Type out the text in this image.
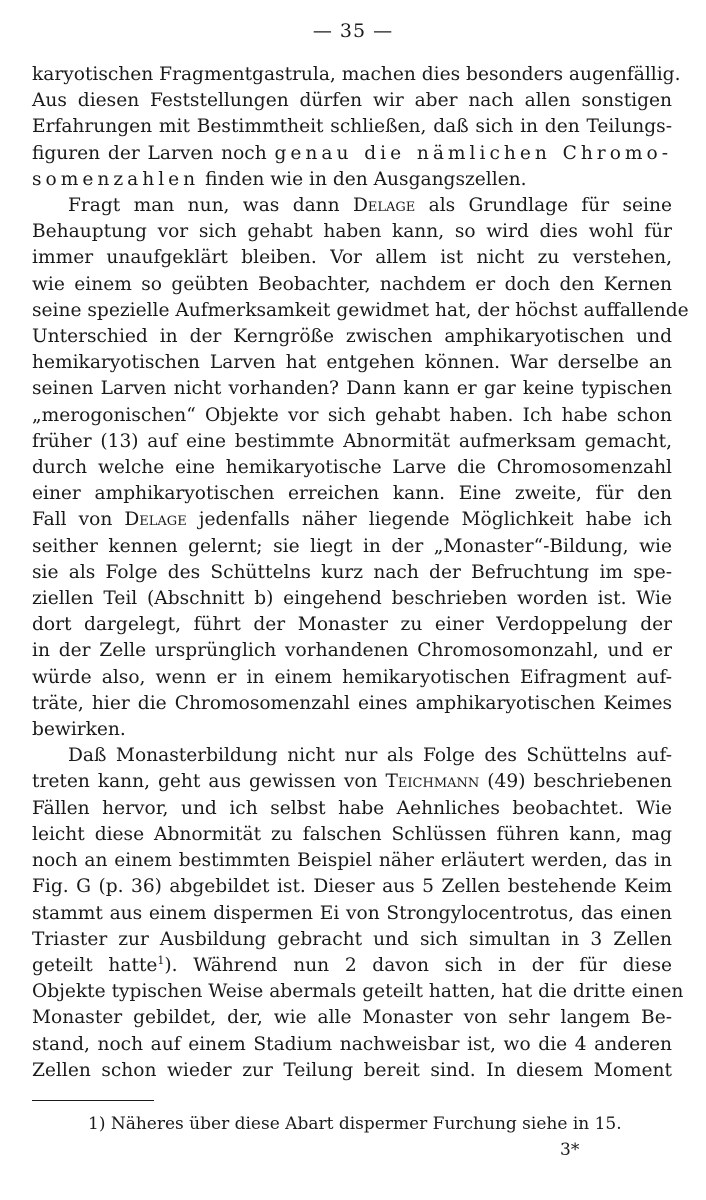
— 35 —
karyotischen Fragmentgastrula, machen dies besonders augenfällig.
Aus diesen Feststellungen dürfen wir aber nach allen sonstigen
Erfahrungen mit Bestimmtheit schließen, daß sich in den Teilungs-
figuren der Larven noch genau die nämlichen Chromo-
somenzahlen finden wie in den Ausgangszellen.
Fragt man nun, was dann Delage als Grundlage für seine
Behauptung vor sich gehabt haben kann, so wird dies wohl für
immer unaufgeklärt bleiben. Vor allem ist nicht zu verstehen,
wie einem so geübten Beobachter, nachdem er doch den Kernen
seine spezielle Aufmerksamkeit gewidmet hat, der höchst auffallende
Unterschied in der Kerngröße zwischen amphikaryotischen und
hemikaryotischen Larven hat entgehen können. War derselbe an
seinen Larven nicht vorhanden? Dann kann er gar keine typischen
„merogonischen“ Objekte vor sich gehabt haben. Ich habe schon
früher (13) auf eine bestimmte Abnormität aufmerksam gemacht,
durch welche eine hemikaryotische Larve die Chromosomenzahl
einer amphikaryotischen erreichen kann. Eine zweite, für den
Fall von Delage jedenfalls näher liegende Möglichkeit habe ich
seither kennen gelernt; sie liegt in der „Monaster“-Bildung, wie
sie als Folge des Schüttelns kurz nach der Befruchtung im spe-
ziellen Teil (Abschnitt b) eingehend beschrieben worden ist. Wie
dort dargelegt, führt der Monaster zu einer Verdoppelung der
in der Zelle ursprünglich vorhandenen Chromosomonzahl, und er
würde also, wenn er in einem hemikaryotischen Eifragment auf-
träte, hier die Chromosomenzahl eines amphikaryotischen Keimes
bewirken.
Daß Monasterbildung nicht nur als Folge des Schüttelns auf-
treten kann, geht aus gewissen von Teichmann (49) beschriebenen
Fällen hervor, und ich selbst habe Aehnliches beobachtet. Wie
leicht diese Abnormität zu falschen Schlüssen führen kann, mag
noch an einem bestimmten Beispiel näher erläutert werden, das in
Fig. G (p. 36) abgebildet ist. Dieser aus 5 Zellen bestehende Keim
stammt aus einem dispermen Ei von Strongylocentrotus, das einen
Triaster zur Ausbildung gebracht und sich simultan in 3 Zellen
geteilt hatte$^1$). Während nun 2 davon sich in der für diese
Objekte typischen Weise abermals geteilt hatten, hat die dritte einen
Monaster gebildet, der, wie alle Monaster von sehr langem Be-
stand, noch auf einem Stadium nachweisbar ist, wo die 4 anderen
Zellen schon wieder zur Teilung bereit sind. In diesem Moment
1) Näheres über diese Abart dispermer Furchung siehe in 15.
3*
